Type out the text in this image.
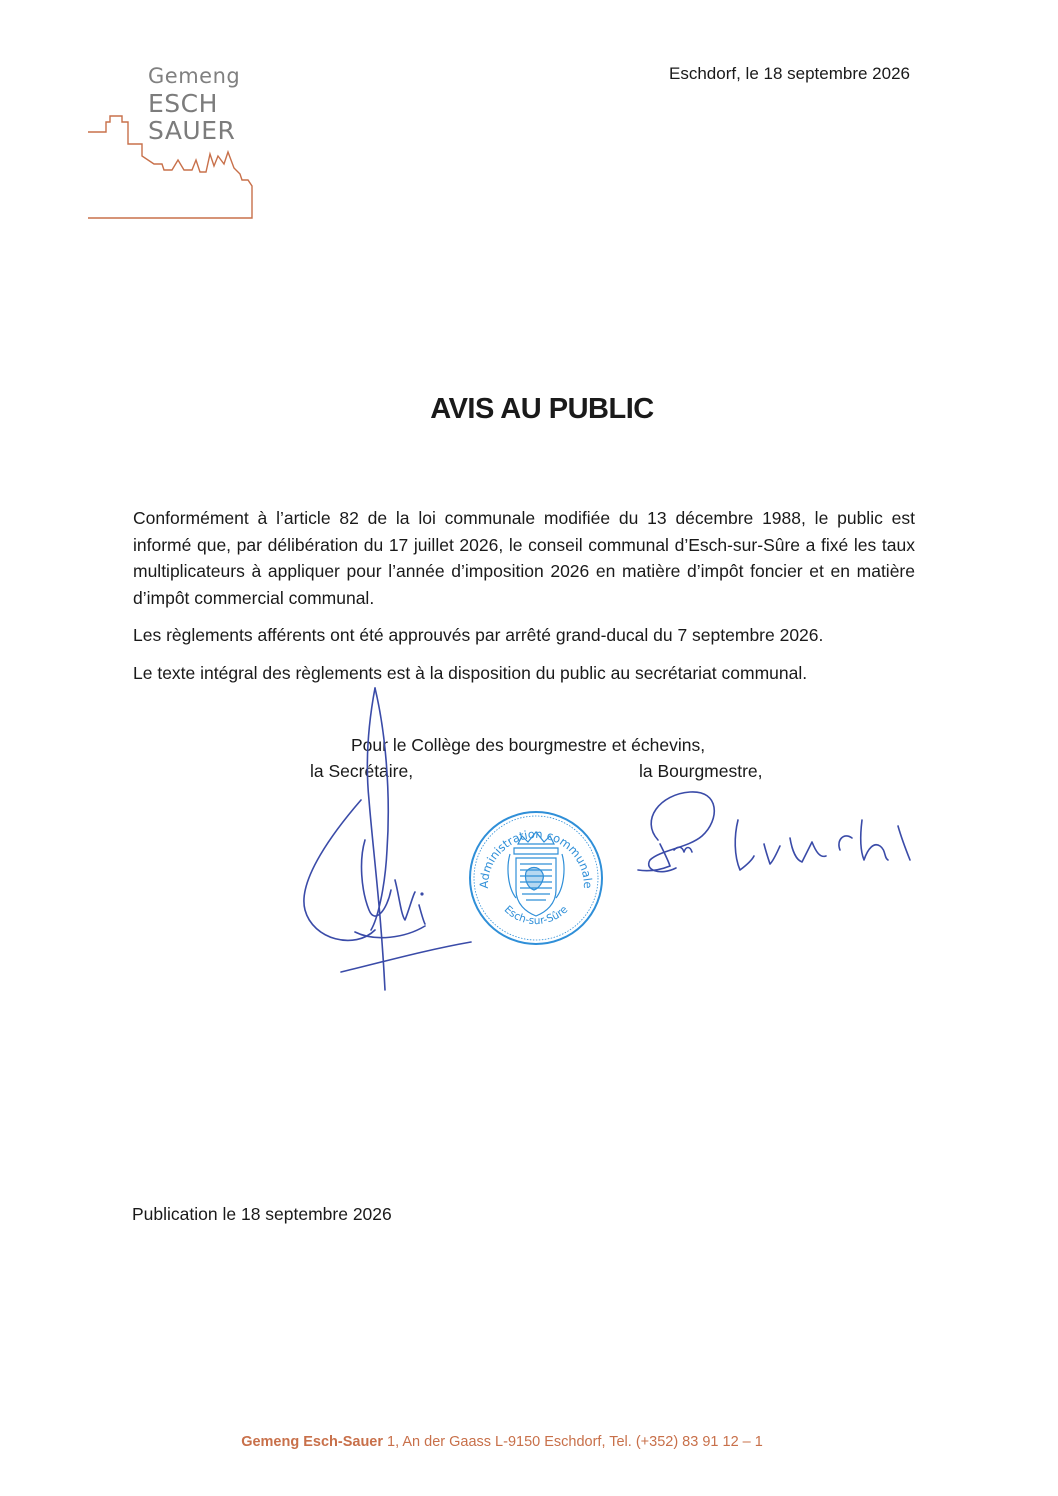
Gemeng
ESCH
SAUER
Eschdorf, le 18 septembre 2026
AVIS AU PUBLIC

Conformément à l’article 82 de la loi communale modifiée du 13 décembre 1988, le public est informé que, par délibération du 17 juillet 2026, le conseil communal d’Esch-sur-Sûre a fixé les taux multiplicateurs à appliquer pour l’année d’imposition 2026 en matière d’impôt foncier et en matière d’impôt commercial communal.

Les règlements afférents ont été approuvés par arrêté grand-ducal du 7 septembre 2026.

Le texte intégral des règlements est à la disposition du public au secrétariat communal.

Pour le Collège des bourgmestre et échevins,
la Secrétaire,	la Bourgmestre,
Administration communale
Esch-sur-Sûre
Publication le 18 septembre 2026
Gemeng Esch-Sauer 1, An der Gaass L-9150 Eschdorf, Tel. (+352) 83 91 12 – 1
